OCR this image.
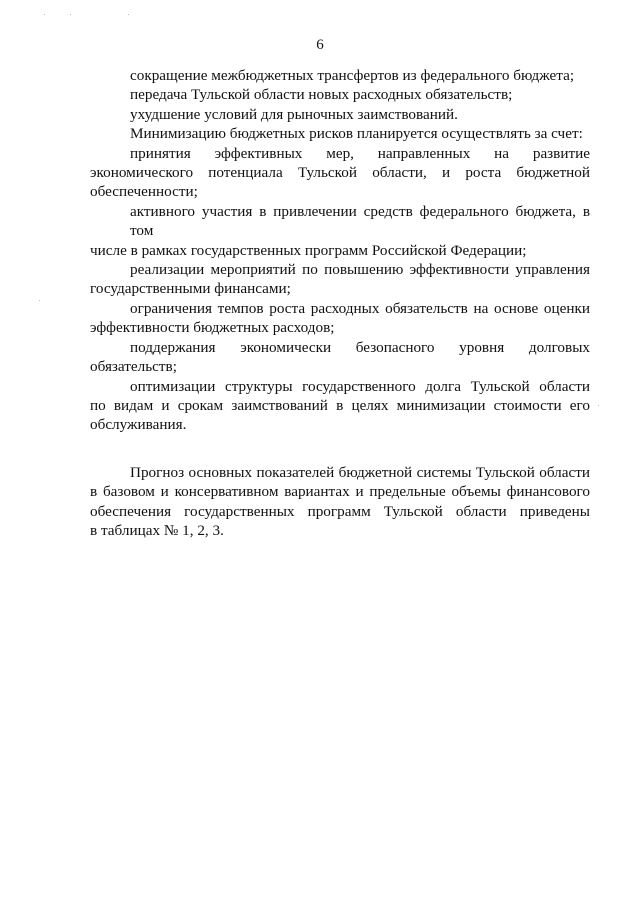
6
сокращение межбюджетных трансфертов из федерального бюджета;
передача Тульской области новых расходных обязательств;
ухудшение условий для рыночных заимствований.
Минимизацию бюджетных рисков планируется осуществлять за счет:
принятия эффективных мер, направленных на развитие
экономического потенциала Тульской области, и роста бюджетной
обеспеченности;
активного участия в привлечении средств федерального бюджета, в том
числе в рамках государственных программ Российской Федерации;
реализации мероприятий по повышению эффективности управления
государственными финансами;
ограничения темпов роста расходных обязательств на основе оценки
эффективности бюджетных расходов;
поддержания экономически безопасного уровня долговых
обязательств;
оптимизации структуры государственного долга Тульской области
по видам и срокам заимствований в целях минимизации стоимости его
обслуживания.
Прогноз основных показателей бюджетной системы Тульской области
в базовом и консервативном вариантах и предельные объемы финансового
обеспечения государственных программ Тульской области приведены
в таблицах № 1, 2, 3.
